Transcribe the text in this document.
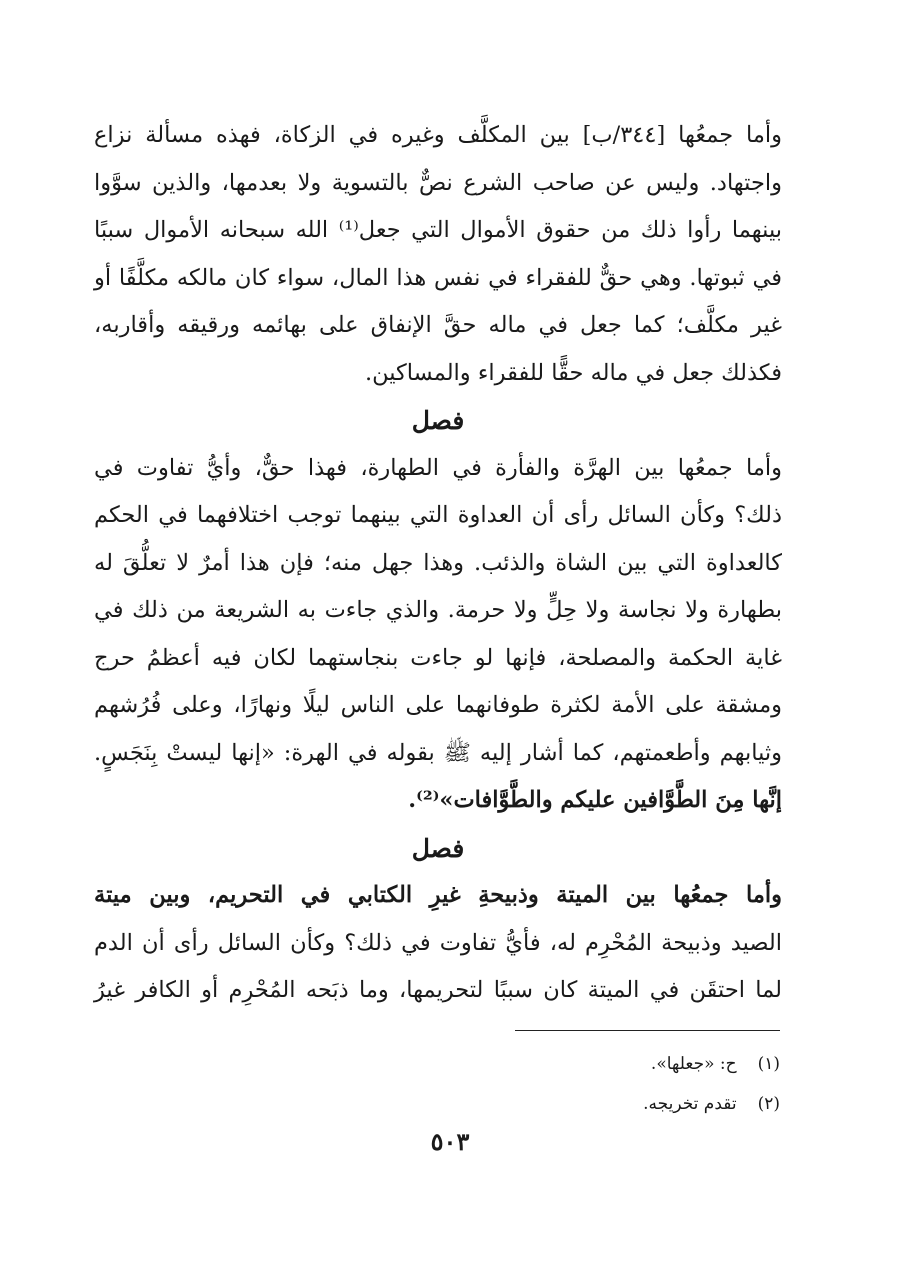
وأما جمعُها [٣٤٤/ب] بين المكلَّف وغيره في الزكاة، فهذه مسألة نزاع

واجتهاد. وليس عن صاحب الشرع نصٌّ بالتسوية ولا بعدمها، والذين سوَّوا

بينهما رأوا ذلك من حقوق الأموال التي جعل⁽¹⁾ الله سبحانه الأموال سببًا

في ثبوتها. وهي حقٌّ للفقراء في نفس هذا المال، سواء كان مالكه مكلَّفًا أو

غير مكلَّف؛ كما جعل في ماله حقَّ الإنفاق على بهائمه ورقيقه وأقاربه،

فكذلك جعل في ماله حقًّا للفقراء والمساكين.

فصل

وأما جمعُها بين الهرَّة والفأرة في الطهارة، فهذا حقٌّ، وأيُّ تفاوت في

ذلك؟ وكأن السائل رأى أن العداوة التي بينهما توجب اختلافهما في الحكم

كالعداوة التي بين الشاة والذئب. وهذا جهل منه؛ فإن هذا أمرٌ لا تعلُّقَ له

بطهارة ولا نجاسة ولا حِلٍّ ولا حرمة. والذي جاءت به الشريعة من ذلك في

غاية الحكمة والمصلحة، فإنها لو جاءت بنجاستهما لكان فيه أعظمُ حرج

ومشقة على الأمة لكثرة طوفانهما على الناس ليلًا ونهارًا، وعلى فُرُشهم

وثيابهم وأطعمتهم، كما أشار إليه ﷺ بقوله في الهرة: «إنها ليستْ بِنَجَسٍ.

إنَّها مِنَ الطَّوَّافين عليكم والطَّوَّافات»⁽²⁾.

فصل

وأما جمعُها بين الميتة وذبيحةِ غيرِ الكتابي في التحريم، وبين ميتة

الصيد وذبيحة المُحْرِم له، فأيُّ تفاوت في ذلك؟ وكأن السائل رأى أن الدم

لما احتقَن في الميتة كان سببًا لتحريمها، وما ذبَحه المُحْرِم أو الكافر غيرُ

(١) ح: «جعلها».
(٢) تقدم تخريجه.
٥٠٣
